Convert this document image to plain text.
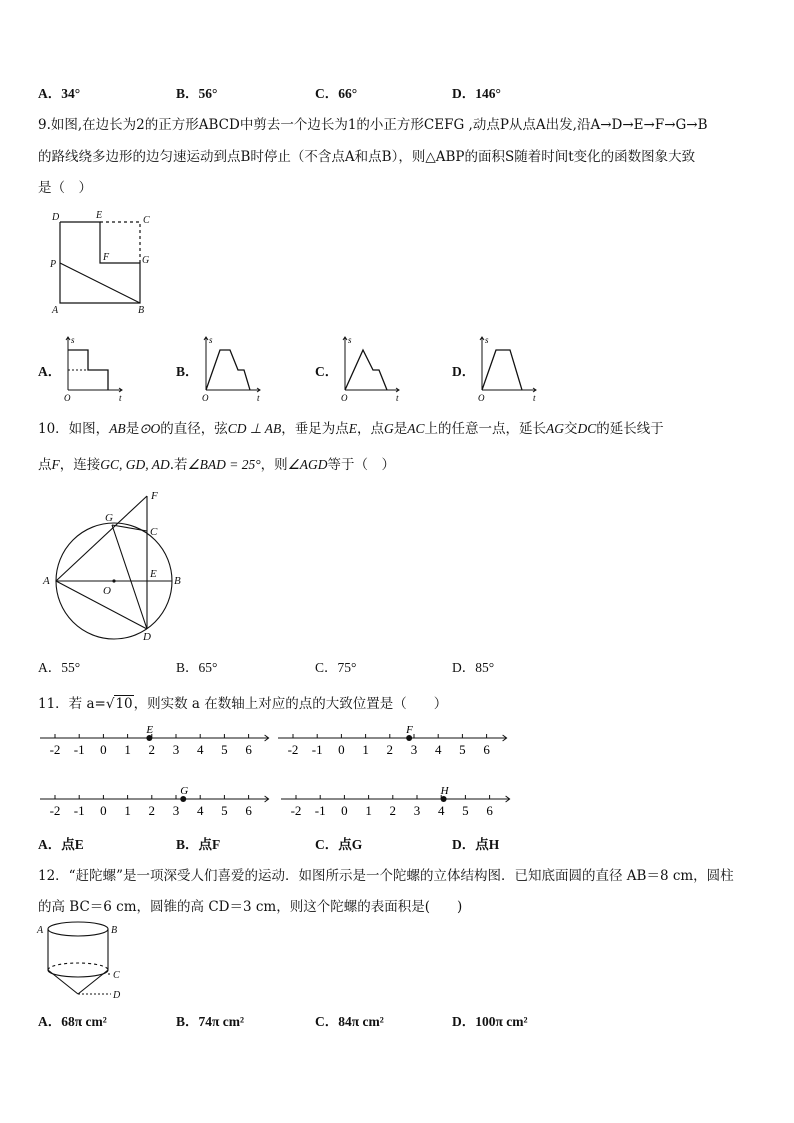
A．34°	B．56°	C．66°	D．146°
9.如图,在边长为2的正方形ABCD中剪去一个边长为1的小正方形CEFG ,动点P从点A出发,沿A→D→E→F→G→B
的路线绕多边形的边匀速运动到点B时停止（不含点A和点B），则△ABP的面积S随着时间t变化的函数图象大致
是（　）
D	E	C
P
F	G
A	B
A．
s
t
O
B．
s
t
O
C．
s
t
O
D．
s
t
O
10．如图，AB是⊙O的直径，弦CD ⊥ AB，垂足为点E，点G是AC上的任意一点，延长AG交DC的延长线于
点F，连接GC, GD, AD.若∠BAD = 25°，则∠AGD等于（　）
F
G
C
E
A
O
B
D
A．55°	B．65°	C．75°	D．85°
11．若 a=√10，则实数 a 在数轴上对应的点的大致位置是（　　）
-2 -1 0 1 2 3 4 5 6
E
-2 -1 0 1 2 3 4 5 6
F
-2 -1 0 1 2 3 4 5 6
G
-2 -1 0 1 2 3 4 5 6
H
A．点E	B．点F	C．点G	D．点H
12．“赶陀螺”是一项深受人们喜爱的运动．如图所示是一个陀螺的立体结构图．已知底面圆的直径 AB＝8 cm，圆柱
的高 BC＝6 cm，圆锥的高 CD＝3 cm，则这个陀螺的表面积是(　　)
A	B
C
D
A．68π cm²	B．74π cm²	C．84π cm²	D．100π cm²
